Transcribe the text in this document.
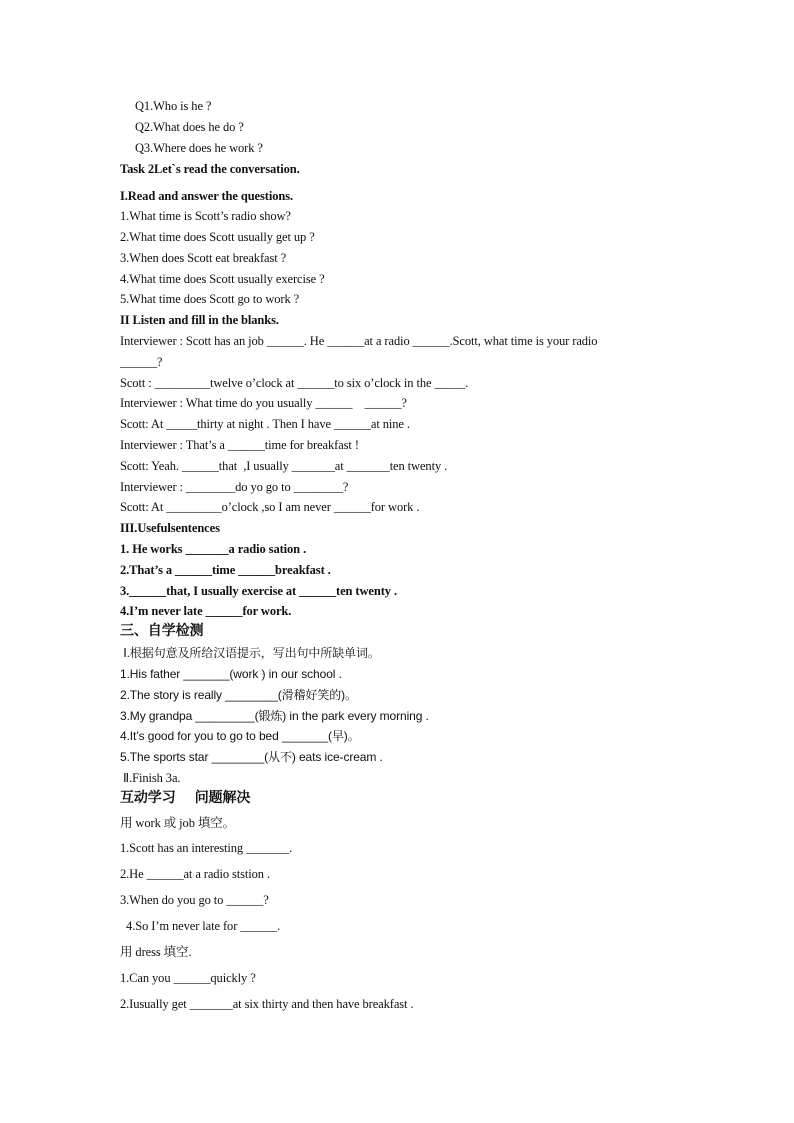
Q1.Who is he ?
Q2.What does he do ?
Q3.Where does he work ?
Task 2Let`s read the conversation.
I.Read and answer the questions.
1.What time is Scott’s radio show?
2.What time does Scott usually get up ?
3.When does Scott eat breakfast ?
4.What time does Scott usually exercise ?
5.What time does Scott go to work ?
II Listen and fill in the blanks.
Interviewer : Scott has an job ______. He ______at a radio ______.Scott, what time is your radio
______?
Scott : _________twelve o’clock at ______to six o’clock in the _____.
Interviewer : What time do you usually ______    ______?
Scott: At _____thirty at night . Then I have ______at nine .
Interviewer : That’s a ______time for breakfast !
Scott: Yeah. ______that  ,I usually _______at _______ten twenty .
Interviewer : ________do yo go to ________?
Scott: At _________o’clock ,so I am never ______for work .
III.Usefulsentences
1. He works _______a radio sation .
2.That’s a ______time ______breakfast .
3.______that, I usually exercise at ______ten twenty .
4.I’m never late ______for work.
三、自学检测
Ⅰ.根据句意及所给汉语提示，写出句中所缺单词。
1.His father _______(work ) in our school .
2.The story is really ________(滑稽好笑的)。
3.My grandpa _________(锻炼) in the park every morning .
4.It’s good for you to go to bed _______(早)。
5.The sports star ________(从不) eats ice-cream .
Ⅱ.Finish 3a.
互动学习    问题解决
用 work 或 job 填空。
1.Scott has an interesting _______.
2.He ______at a radio ststion .
3.When do you go to ______?
4.So I’m never late for ______.
用 dress 填空.
1.Can you ______quickly ?
2.Iusually get _______at six thirty and then have breakfast .
